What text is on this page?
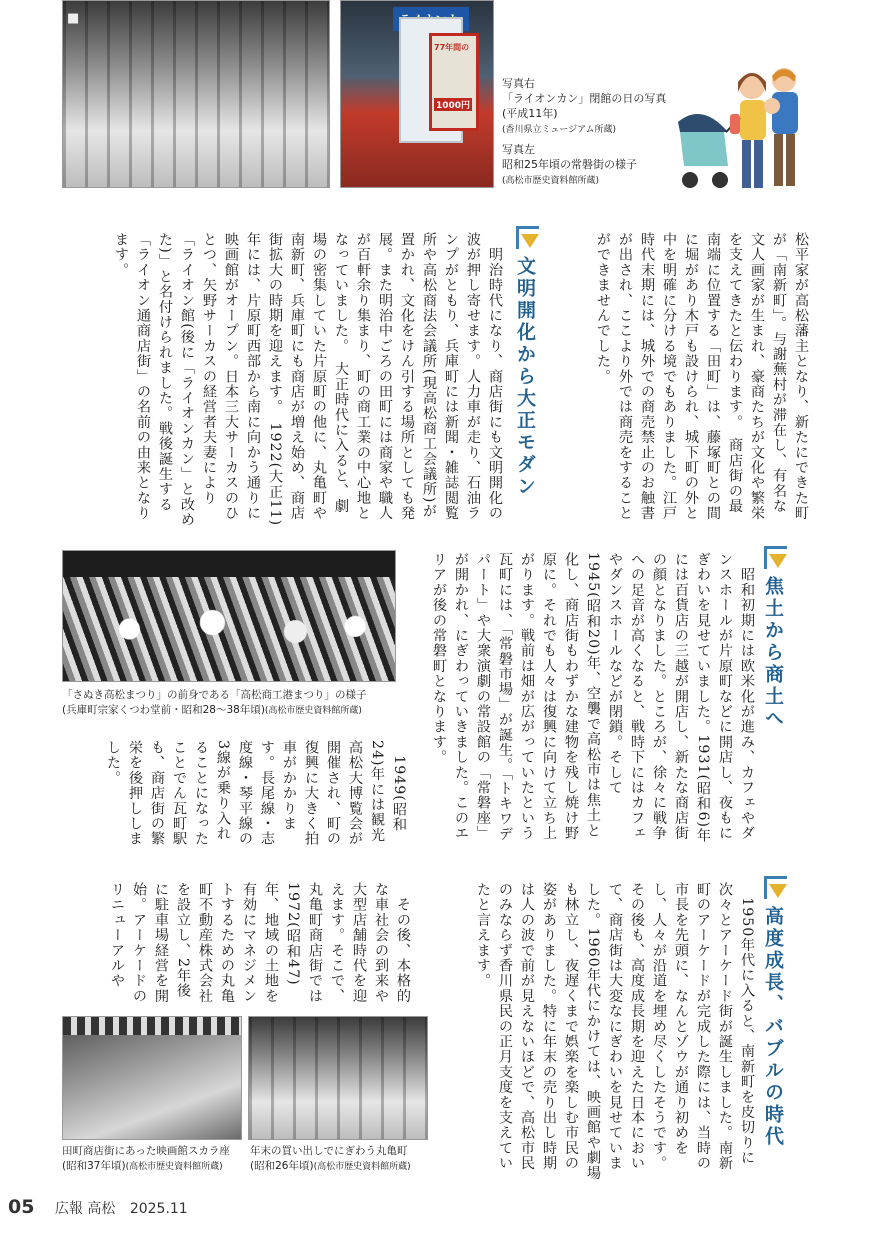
■
77年間の
1000円
写真右
「ライオンカン」閉館の日の写真
(平成11年)
(香川県立ミュージアム所蔵)
写真左
昭和25年頃の常磐街の様子
(高松市歴史資料館所蔵)
松平家が高松藩主となり、新たにできた町が「南新町」。与謝蕪村が滞在し、有名な文人画家が生まれ、豪商たちが文化や繁栄を支えてきたと伝わります。　商店街の最南端に位置する「田町」は、藤塚町との間に堀があり木戸も設けられ、城下町の外と中を明確に分ける境でもありました。江戸時代末期には、城外での商売禁止のお触書が出され、ここより外では商売をすることができませんでした。
文明開化から大正モダン
　明治時代になり、商店街にも文明開化の波が押し寄せます。人力車が走り、石油ランプがともり、兵庫町には新聞・雑誌閲覧所や高松商法会議所(現高松商工会議所)が置かれ、文化をけん引する場所としても発展。また明治中ごろの田町には商家や職人が百軒余り集まり、町の商工業の中心地となっていました。　大正時代に入ると、劇場の密集していた片原町の他に、丸亀町や南新町、兵庫町にも商店が増え始め、商店街拡大の時期を迎えます。　1922(大正11)年には、片原町西部から南に向かう通りに映画館がオープン。日本三大サーカスのひとつ、矢野サーカスの経営者夫妻により「ライオン館(後に「ライオンカン」と改めた)」と名付けられました。戦後誕生する「ライオン通商店街」の名前の由来となります。
焦土から商土へ
　昭和初期には欧米化が進み、カフェやダンスホールが片原町などに開店し、夜もにぎわいを見せていました。1931(昭和6)年には百貨店の三越が開店し、新たな商店街の顔となりました。ところが、徐々に戦争への足音が高くなると、戦時下にはカフェやダンスホールなどが閉鎖。そして1945(昭和20)年、空襲で高松市は焦土と化し、商店街もわずかな建物を残し焼け野原に。それでも人々は復興に向けて立ち上がります。戦前は畑が広がっていたという瓦町には、「常磐市場」が誕生。「トキワデパート」や大衆演劇の常設館の「常磐座」が開かれ、にぎわっていきました。このエリアが後の常磐町となります。
「さぬき高松まつり」の前身である「高松商工港まつり」の様子
(兵庫町宗家くつわ堂前・昭和28～38年頃)(高松市歴史資料館所蔵)
　1949(昭和24)年には観光高松大博覧会が開催され、町の復興に大きく拍車がかかります。長尾線・志度線・琴平線の3線が乗り入れることになったことでん瓦町駅も、商店街の繁栄を後押ししました。
高度成長、バブルの時代
　1950年代に入ると、南新町を皮切りに次々とアーケード街が誕生しました。南新町のアーケードが完成した際には、当時の市長を先頭に、なんとゾウが通り初めをし、人々が沿道を埋め尽くしたそうです。　その後も、高度成長期を迎えた日本において、商店街は大変なにぎわいを見せていました。1960年代にかけては、映画館や劇場も林立し、夜遅くまで娯楽を楽しむ市民の姿がありました。特に年末の売り出し時期は人の波で前が見えないほどで、高松市民のみならず香川県民の正月支度を支えていたと言えます。
　その後、本格的な車社会の到来や大型店舗時代を迎えます。そこで、丸亀町商店街では1972(昭和47)年、地域の土地を有効にマネジメントするための丸亀町不動産株式会社を設立し、2年後に駐車場経営を開始。アーケードのリニューアルや
田町商店街にあった映画館スカラ座
(昭和37年頃)(高松市歴史資料館所蔵)
年末の買い出しでにぎわう丸亀町
(昭和26年頃)(高松市歴史資料館所蔵)
05 広報 高松 2025.11
